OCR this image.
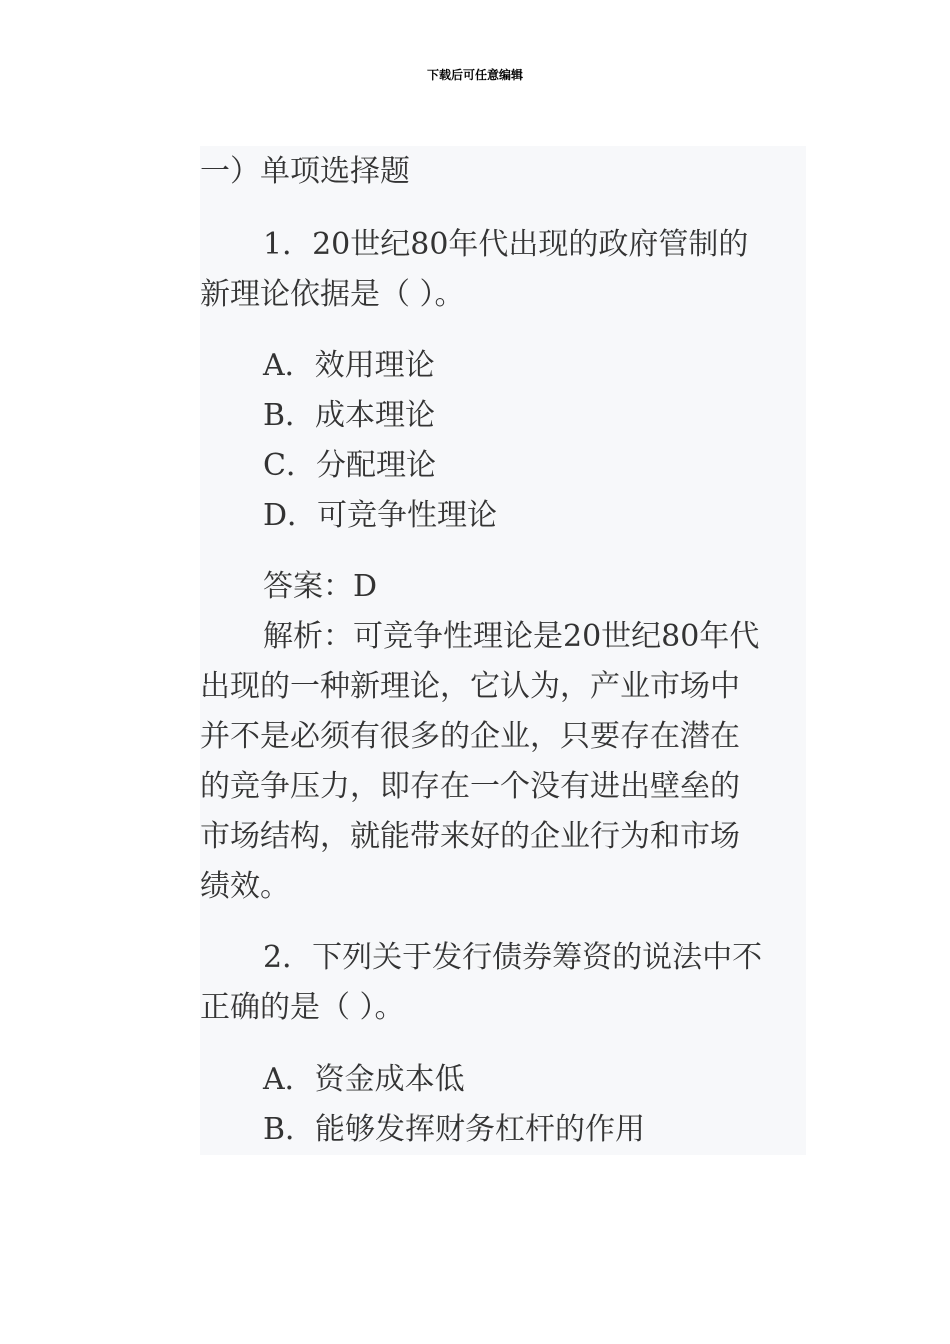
下载后可任意编辑
一）单项选择题
1．20世纪80年代出现的政府管制的
新理论依据是（ ）。
A．效用理论
B．成本理论
C．分配理论
D．可竞争性理论
答案：D
解析：可竞争性理论是20世纪80年代
出现的一种新理论，它认为，产业市场中
并不是必须有很多的企业，只要存在潜在
的竞争压力，即存在一个没有进出壁垒的
市场结构，就能带来好的企业行为和市场
绩效。
2．下列关于发行债券筹资的说法中不
正确的是（ ）。
A．资金成本低
B．能够发挥财务杠杆的作用
